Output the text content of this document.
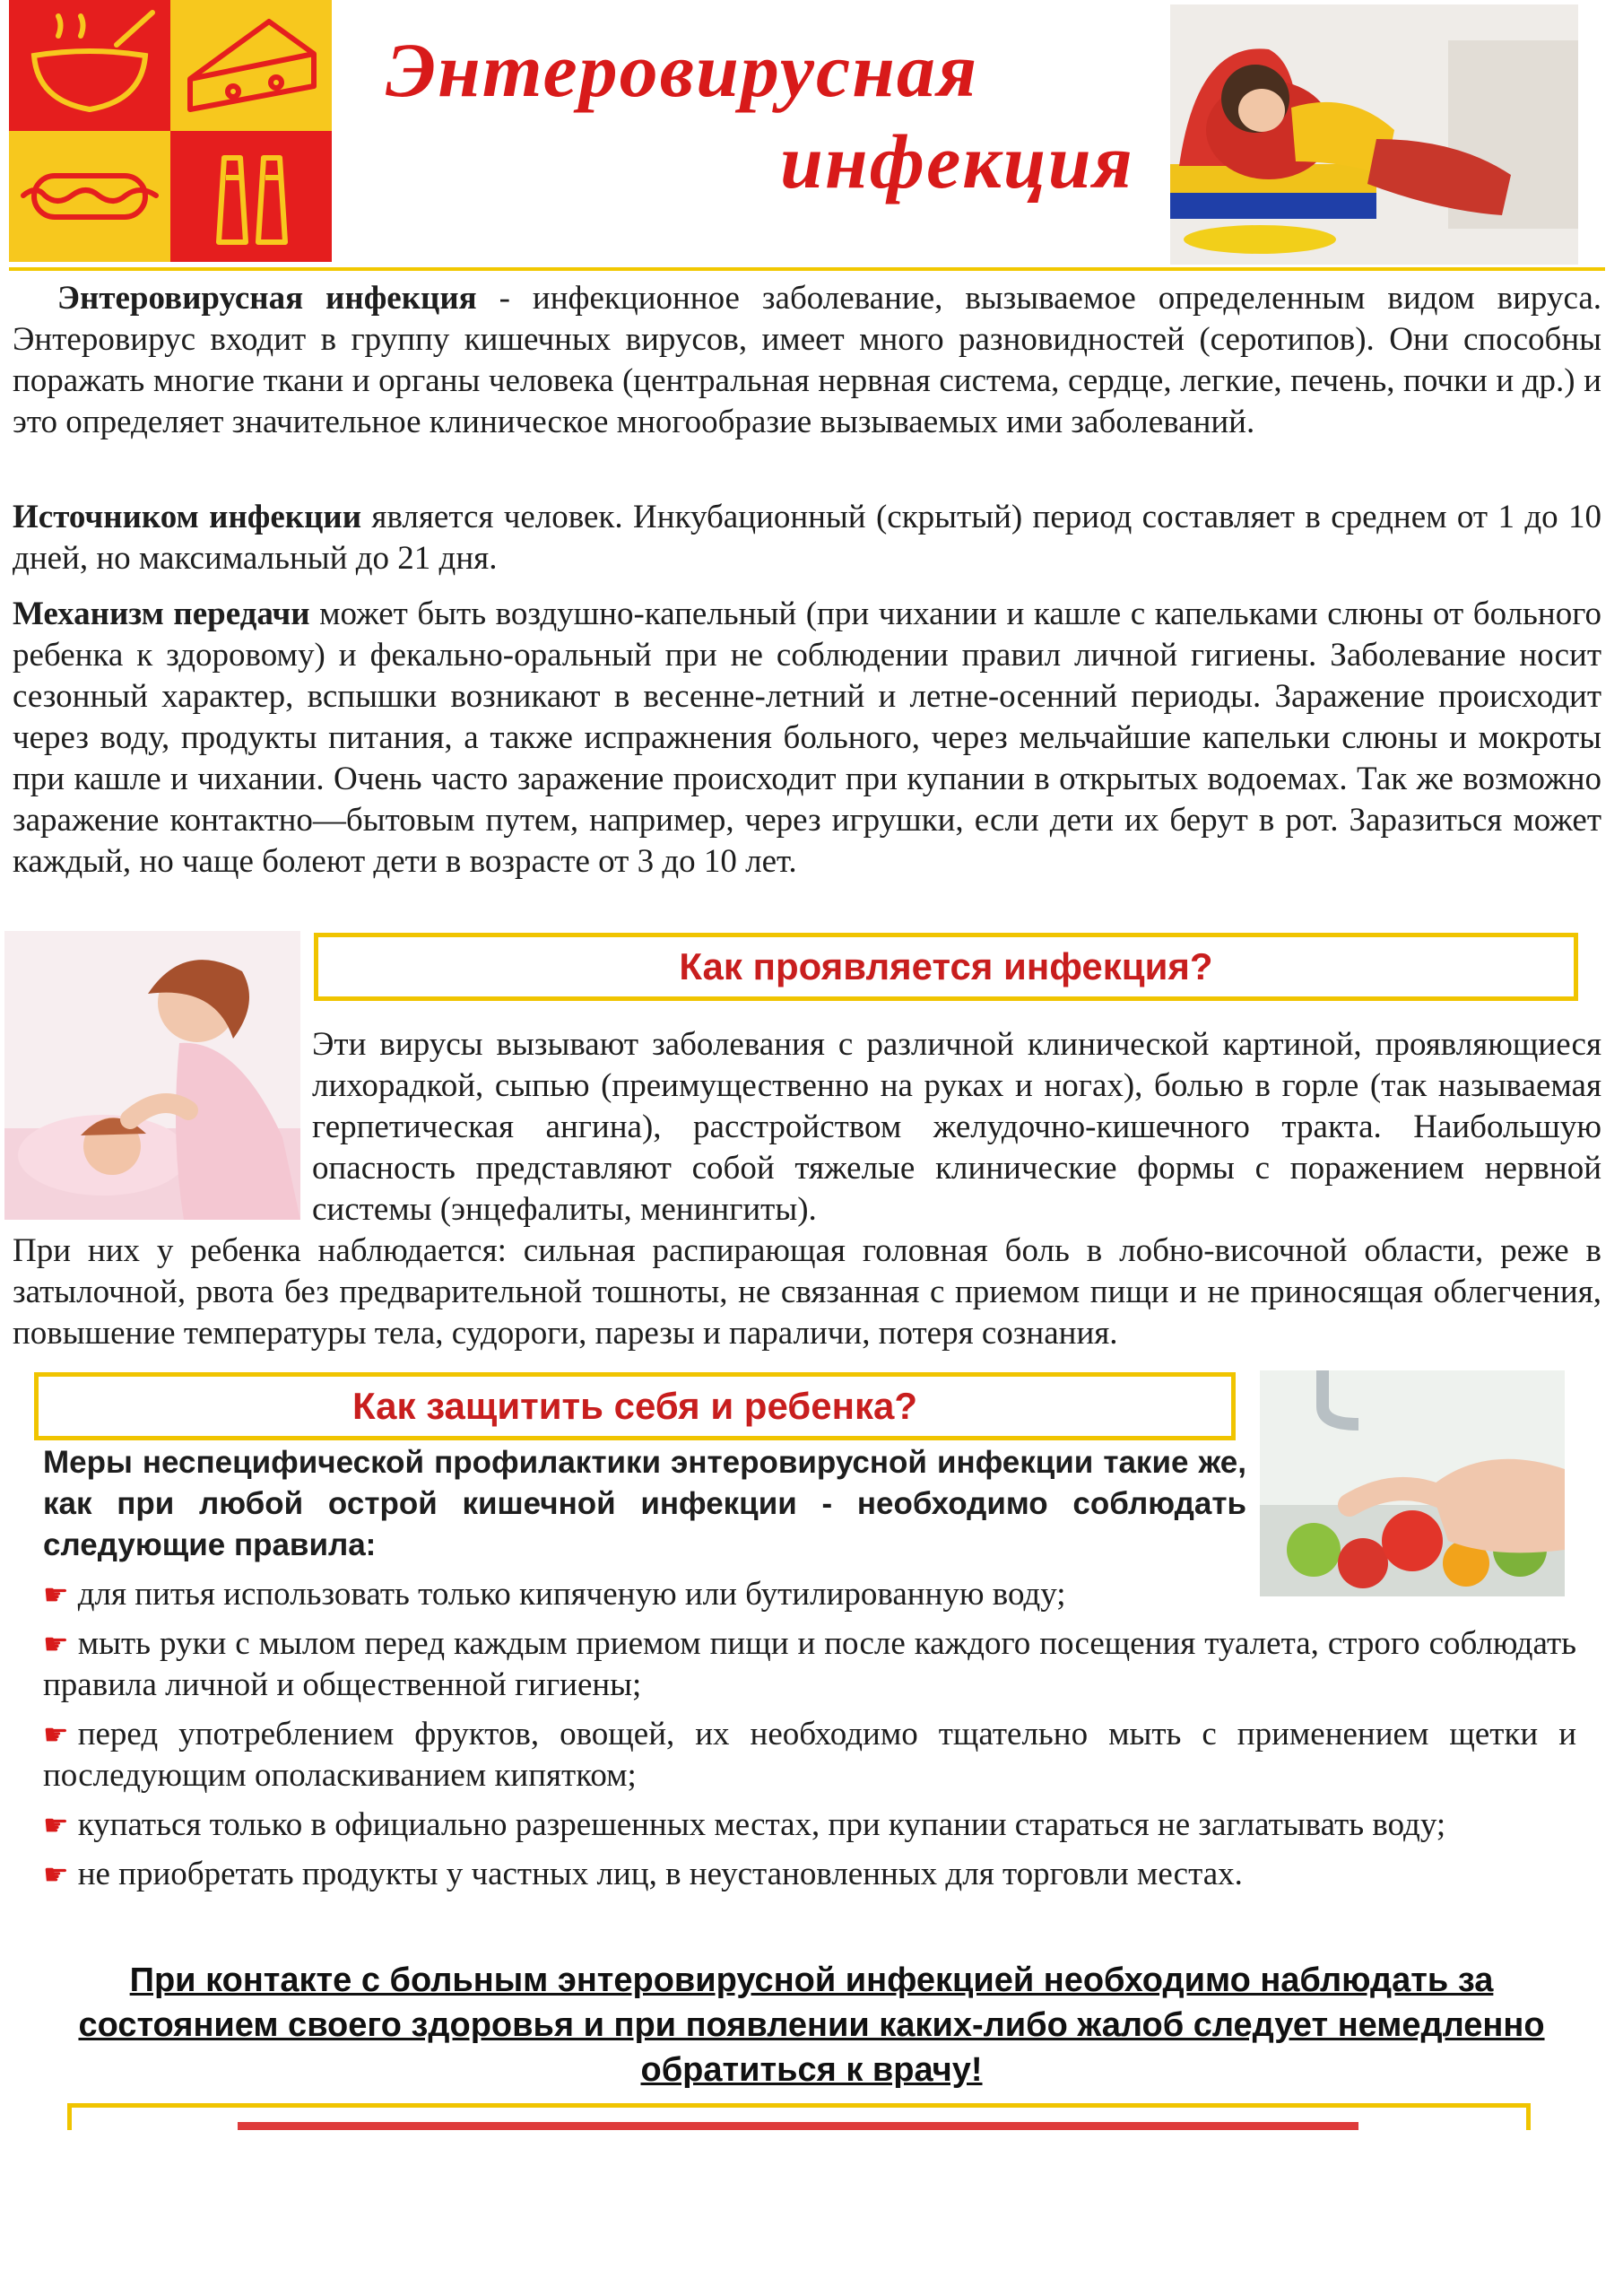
Энтеровирусная
инфекция

Энтеровирусная инфекция - инфекционное заболевание, вызываемое определенным видом вируса. Энтеровирус входит в группу кишечных вирусов, имеет много разновидностей (серотипов). Они способны поражать многие ткани и органы человека (центральная нервная система, сердце, легкие, печень, почки и др.) и это определяет значительное клиническое многообразие вызываемых ими заболеваний.

Источником инфекции является человек. Инкубационный (скрытый) период составляет в среднем от 1 до 10 дней, но максимальный до 21 дня.

Механизм передачи может быть воздушно-капельный (при чихании и кашле с капельками слюны от больного ребенка к здоровому) и фекально-оральный при не соблюдении правил личной гигиены. Заболевание носит сезонный характер, вспышки возникают в весенне-летний и летне-осенний периоды. Заражение происходит через воду, продукты питания, а также испражнения больного, через мельчайшие капельки слюны и мокроты при кашле и чихании. Очень часто заражение происходит при купании в открытых водоемах. Так же возможно заражение контактно—бытовым путем, например, через игрушки, если дети их берут в рот. Заразиться может каждый, но чаще болеют дети в возрасте от 3 до 10 лет.

Как проявляется инфекция?

Эти вирусы вызывают заболевания с различной клинической картиной, проявляющиеся лихорадкой, сыпью (преимущественно на руках и ногах), болью в горле (так называемая герпетическая ангина), расстройством желудочно-кишечного тракта. Наибольшую опасность представляют собой тяжелые клинические формы с поражением нервной системы (энцефалиты, менингиты).

При них у ребенка наблюдается: сильная распирающая головная боль в лобно-височной области, реже в затылочной, рвота без предварительной тошноты, не связанная с приемом пищи и не приносящая облегчения, повышение температуры тела, судороги, парезы и параличи, потеря сознания.

Как защитить себя и ребенка?

Меры неспецифической профилактики энтеровирусной инфекции такие же, как при любой острой кишечной инфекции - необходимо соблюдать следующие правила:

☛ для питья использовать только кипяченую или бутилированную воду;
☛ мыть руки с мылом перед каждым приемом пищи и после каждого посещения туалета, строго соблюдать правила личной и общественной гигиены;
☛ перед употреблением фруктов, овощей, их необходимо тщательно мыть с применением щетки и последующим ополаскиванием кипятком;
☛ купаться только в официально разрешенных местах, при купании стараться не заглатывать воду;
☛ не приобретать продукты у частных лиц, в неустановленных для торговли местах.
При контакте с больным энтеровирусной инфекцией необходимо наблюдать за состоянием своего здоровья и при появлении каких-либо жалоб следует немедленно обратиться к врачу!
